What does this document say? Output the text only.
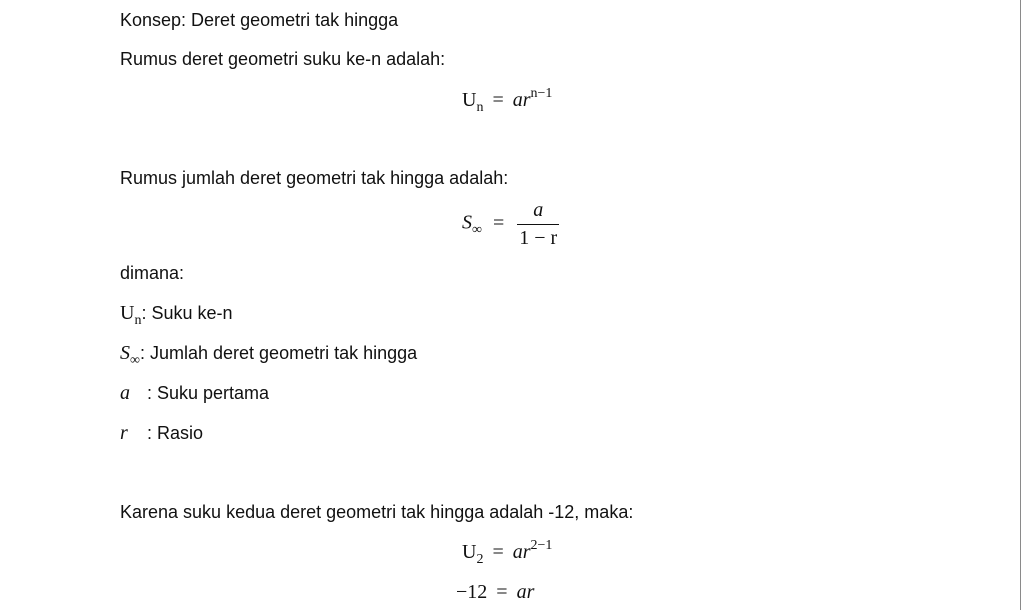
Konsep: Deret geometri tak hingga
Rumus deret geometri suku ke-n adalah:
$U_n = ar^{n-1}$
Rumus jumlah deret geometri tak hingga adalah:
$S_\infty = \frac{a}{1 - r}$
dimana:
$U_n$: Suku ke-n
$S_\infty$: Jumlah deret geometri tak hingga
a : Suku pertama
r : Rasio
Karena suku kedua deret geometri tak hingga adalah -12, maka:
$U_2 = ar^{2-1}$
−12 = ar
